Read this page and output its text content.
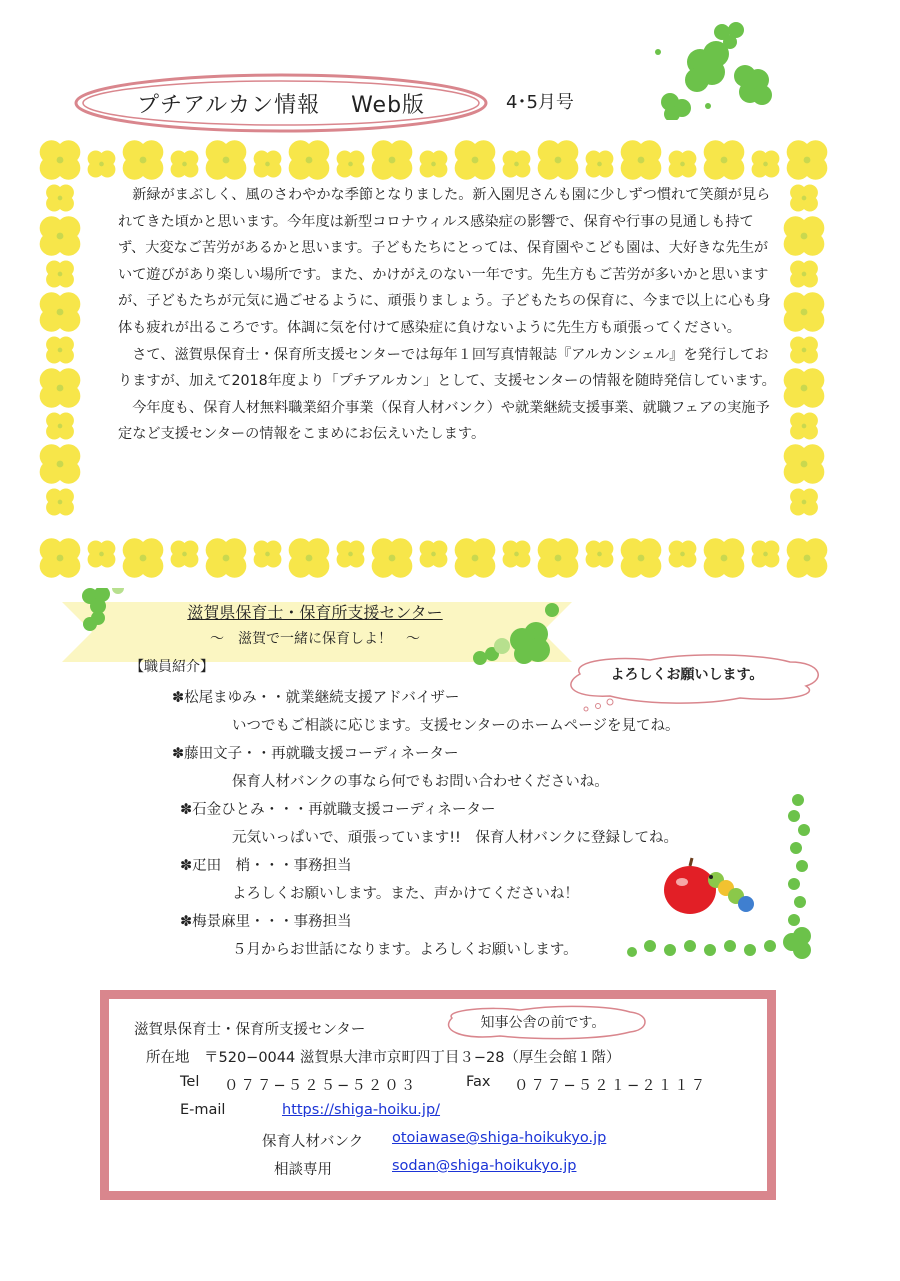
プチアルカン情報　 Web版	4･5月号

新緑がまぶしく、風のさわやかな季節となりました。新入園児さんも園に少しずつ慣れて笑顔が見られてきた頃かと思います。今年度は新型コロナウィルス感染症の影響で、保育や行事の見通しも持てず、大変なご苦労があるかと思います。子どもたちにとっては、保育園やこども園は、大好きな先生がいて遊びがあり楽しい場所です。また、かけがえのない一年です。先生方もご苦労が多いかと思いますが、子どもたちが元気に過ごせるように、頑張りましょう。子どもたちの保育に、今まで以上に心も身体も疲れが出るころです。体調に気を付けて感染症に負けないように先生方も頑張ってください。

さて、滋賀県保育士・保育所支援センターでは毎年１回写真情報誌『アルカンシェル』を発行しておりますが、加えて2018年度より「プチアルカン」として、支援センターの情報を随時発信しています。

今年度も、保育人材無料職業紹介事業（保育人材バンク）や就業継続支援事業、就職フェアの実施予定など支援センターの情報をこまめにお伝えいたします。

滋賀県保育士・保育所支援センター
～　滋賀で一緒に保育しよ！　～
【職員紹介】	よろしくお願いします。
✽松尾まゆみ・・就業継続支援アドバイザー
いつでもご相談に応じます。支援センターのホームページを見てね。
✽藤田文子・・再就職支援コーディネーター
保育人材バンクの事なら何でもお問い合わせくださいね。
✽石金ひとみ・・・再就職支援コーディネーター
元気いっぱいで、頑張っています!!　保育人材バンクに登録してね。
✽疋田　梢・・・事務担当
よろしくお願いします。また、声かけてくださいね！
✽梅景麻里・・・事務担当
５月からお世話になります。よろしくお願いします。
知事公舎の前です。
滋賀県保育士・保育所支援センター
所在地　〒520−0044 滋賀県大津市京町四丁目３−28（厚生会館１階）
Tel ０７７−５２５−５２０３	Fax ０７７−５２１−２１１７
E-mail	https://shiga-hoiku.jp/
保育人材バンク otoiawase@shiga-hoikukyo.jp
相談専用	sodan@shiga-hoikukyo.jp
